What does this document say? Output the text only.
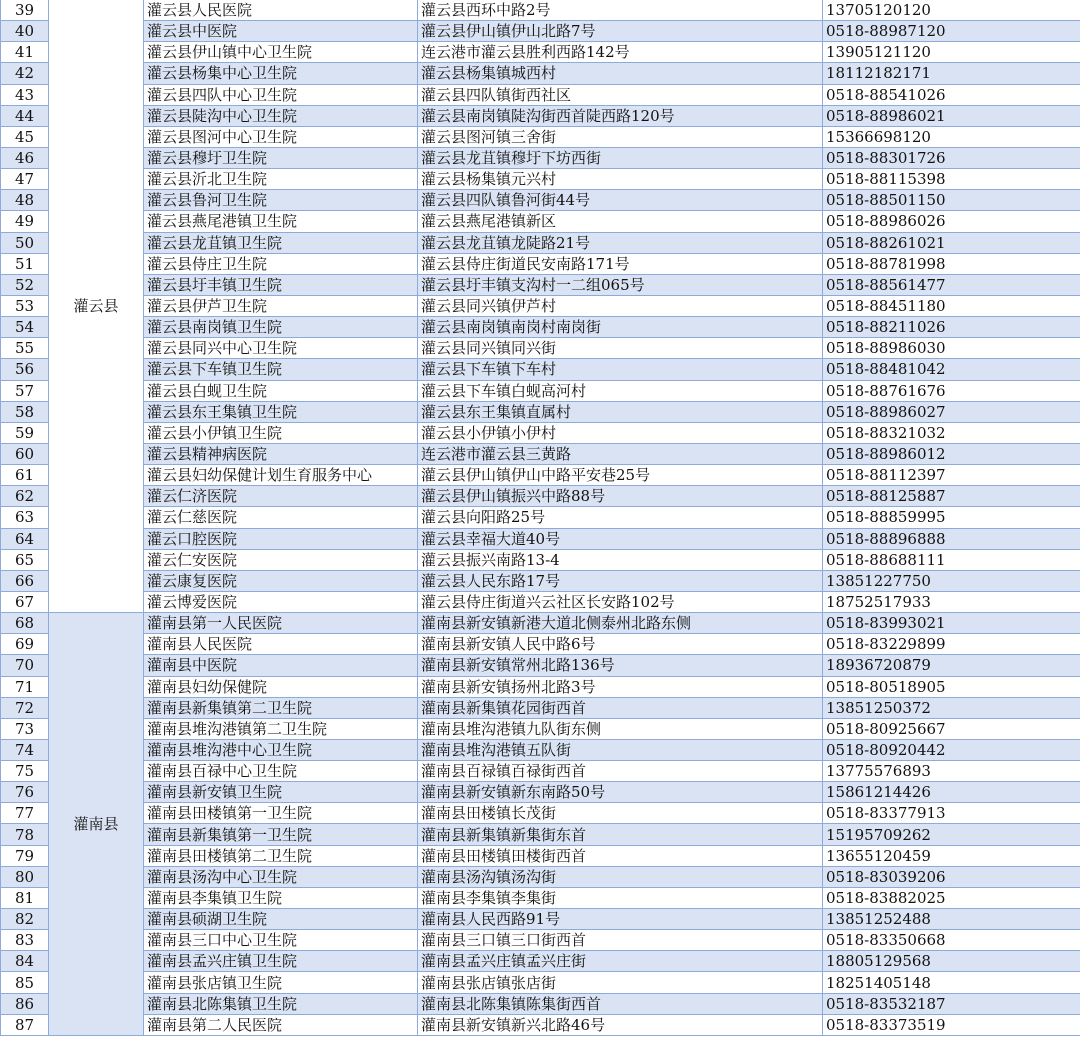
39	灌云县	灌云县人民医院	灌云县西环中路2号	13705120120
40		灌云县中医院	灌云县伊山镇伊山北路7号	0518-88987120
41		灌云县伊山镇中心卫生院	连云港市灌云县胜利西路142号	13905121120
42		灌云县杨集中心卫生院	灌云县杨集镇城西村	18112182171
43		灌云县四队中心卫生院	灌云县四队镇街西社区	0518-88541026
44		灌云县陡沟中心卫生院	灌云县南岗镇陡沟街西首陡西路120号	0518-88986021
45		灌云县图河中心卫生院	灌云县图河镇三舍街	15366698120
46		灌云县穆圩卫生院	灌云县龙苴镇穆圩下坊西街	0518-88301726
47		灌云县沂北卫生院	灌云县杨集镇元兴村	0518-88115398
48		灌云县鲁河卫生院	灌云县四队镇鲁河街44号	0518-88501150
49		灌云县燕尾港镇卫生院	灌云县燕尾港镇新区	0518-88986026
50		灌云县龙苴镇卫生院	灌云县龙苴镇龙陡路21号	0518-88261021
51		灌云县侍庄卫生院	灌云县侍庄街道民安南路171号	0518-88781998
52		灌云县圩丰镇卫生院	灌云县圩丰镇支沟村一二组065号	0518-88561477
53		灌云县伊芦卫生院	灌云县同兴镇伊芦村	0518-88451180
54		灌云县南岗镇卫生院	灌云县南岗镇南岗村南岗街	0518-88211026
55		灌云县同兴中心卫生院	灌云县同兴镇同兴街	0518-88986030
56		灌云县下车镇卫生院	灌云县下车镇下车村	0518-88481042
57		灌云县白蚬卫生院	灌云县下车镇白蚬高河村	0518-88761676
58		灌云县东王集镇卫生院	灌云县东王集镇直属村	0518-88986027
59		灌云县小伊镇卫生院	灌云县小伊镇小伊村	0518-88321032
60		灌云县精神病医院	连云港市灌云县三黄路	0518-88986012
61		灌云县妇幼保健计划生育服务中心	灌云县伊山镇伊山中路平安巷25号	0518-88112397
62		灌云仁济医院	灌云县伊山镇振兴中路88号	0518-88125887
63		灌云仁慈医院	灌云县向阳路25号	0518-88859995
64		灌云口腔医院	灌云县幸福大道40号	0518-88896888
65		灌云仁安医院	灌云县振兴南路13-4	0518-88688111
66		灌云康复医院	灌云县人民东路17号	13851227750
67		灌云博爱医院	灌云县侍庄街道兴云社区长安路102号	18752517933
68	灌南县	灌南县第一人民医院	灌南县新安镇新港大道北侧泰州北路东侧	0518-83993021
69		灌南县人民医院	灌南县新安镇人民中路6号	0518-83229899
70		灌南县中医院	灌南县新安镇常州北路136号	18936720879
71		灌南县妇幼保健院	灌南县新安镇扬州北路3号	0518-80518905
72		灌南县新集镇第二卫生院	灌南县新集镇花园街西首	13851250372
73		灌南县堆沟港镇第二卫生院	灌南县堆沟港镇九队街东侧	0518-80925667
74		灌南县堆沟港中心卫生院	灌南县堆沟港镇五队街	0518-80920442
75		灌南县百禄中心卫生院	灌南县百禄镇百禄街西首	13775576893
76		灌南县新安镇卫生院	灌南县新安镇新东南路50号	15861214426
77		灌南县田楼镇第一卫生院	灌南县田楼镇长茂街	0518-83377913
78		灌南县新集镇第一卫生院	灌南县新集镇新集街东首	15195709262
79		灌南县田楼镇第二卫生院	灌南县田楼镇田楼街西首	13655120459
80		灌南县汤沟中心卫生院	灌南县汤沟镇汤沟街	0518-83039206
81		灌南县李集镇卫生院	灌南县李集镇李集街	0518-83882025
82		灌南县硕湖卫生院	灌南县人民西路91号	13851252488
83		灌南县三口中心卫生院	灌南县三口镇三口街西首	0518-83350668
84		灌南县孟兴庄镇卫生院	灌南县孟兴庄镇孟兴庄街	18805129568
85		灌南县张店镇卫生院	灌南县张店镇张店街	18251405148
86		灌南县北陈集镇卫生院	灌南县北陈集镇陈集街西首	0518-83532187
87		灌南县第二人民医院	灌南县新安镇新兴北路46号	0518-83373519
